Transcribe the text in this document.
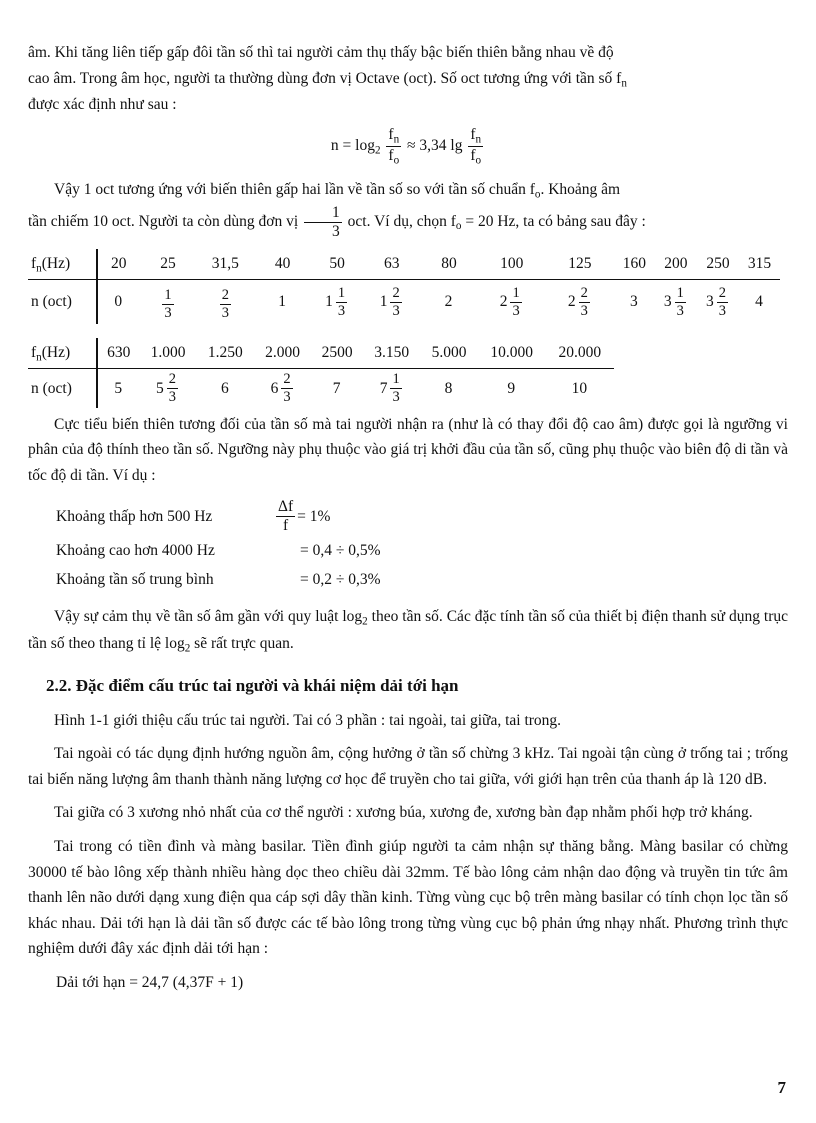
âm. Khi tăng liên tiếp gấp đôi tần số thì tai người cảm thụ thấy bậc biến thiên bằng nhau về độ
cao âm. Trong âm học, người ta thường dùng đơn vị Octave (oct). Số oct tương ứng với tần số $f_n$
được xác định như sau :

$n = \log_2 \frac{f_n}{f_o} \approx 3,34$ $\lg \frac{f_n}{f_o}$

Vậy 1 oct tương ứng với biến thiên gấp hai lần về tần số so với tần số chuẩn $f_o$. Khoảng âm
tần chiếm 10 oct. Người ta còn dùng đơn vị $\frac{1}{3}$ oct. Ví dụ, chọn $f_o = 20$ Hz, ta có bảng sau đây :

$f_n(Hz)$	20	25	31,5	40	50	63	80	100	125	160	200	250	315
n (oct)	0	$\frac{1}{3}$	$\frac{2}{3}$	1	$1 \frac{1}{3}$	$1 \frac{2}{3}$	2	$2 \frac{1}{3}$	$2 \frac{2}{3}$	3	$3 \frac{1}{3}$	$3 \frac{2}{3}$	4

$f_n(Hz)$	630	1.000	1.250	2.000	2500	3.150	5.000	10.000	20.000				
n (oct)	5	$5 \frac{2}{3}$	6	$6 \frac{2}{3}$	7	$7 \frac{1}{3}$	8	9	10				

Cực tiểu biến thiên tương đối của tần số mà tai người nhận ra (như là có thay đổi độ cao âm) được gọi là ngưỡng vi phân của độ thính theo tần số. Ngưỡng này phụ thuộc vào giá trị khởi đầu của tần số, cũng phụ thuộc vào biên độ di tần và tốc độ di tần. Ví dụ :

Khoảng thấp hơn 500 Hz	$\frac{\Delta f}{f} = 1\%$
Khoảng cao hơn 4000 Hz	= 0,4 ÷ 0,5%
Khoảng tần số trung bình	= 0,2 ÷ 0,3%

Vậy sự cảm thụ về tần số âm gần với quy luật $\log_2$ theo tần số. Các đặc tính tần số của thiết bị điện thanh sử dụng trục tần số theo thang tỉ lệ $\log_2$ sẽ rất trực quan.

2.2. Đặc điểm cấu trúc tai người và khái niệm dải tới hạn

Hình 1-1 giới thiệu cấu trúc tai người. Tai có 3 phần : tai ngoài, tai giữa, tai trong.

Tai ngoài có tác dụng định hướng nguồn âm, cộng hưởng ở tần số chừng 3 kHz. Tai ngoài tận cùng ở trống tai ; trống tai biến năng lượng âm thanh thành năng lượng cơ học để truyền cho tai giữa, với giới hạn trên của thanh áp là 120 dB.

Tai giữa có 3 xương nhỏ nhất của cơ thể người : xương búa, xương đe, xương bàn đạp nhằm phối hợp trở kháng.

Tai trong có tiền đình và màng basilar. Tiền đình giúp người ta cảm nhận sự thăng bằng. Màng basilar có chừng 30000 tế bào lông xếp thành nhiều hàng dọc theo chiều dài 32mm. Tế bào lông cảm nhận dao động và truyền tin tức âm thanh lên não dưới dạng xung điện qua cáp sợi dây thần kinh. Từng vùng cục bộ trên màng basilar có tính chọn lọc tần số khác nhau. Dải tới hạn là dải tần số được các tế bào lông trong từng vùng cục bộ phản ứng nhạy nhất. Phương trình thực nghiệm dưới đây xác định dải tới hạn :

Dải tới hạn = 24,7 (4,37F + 1)

7
